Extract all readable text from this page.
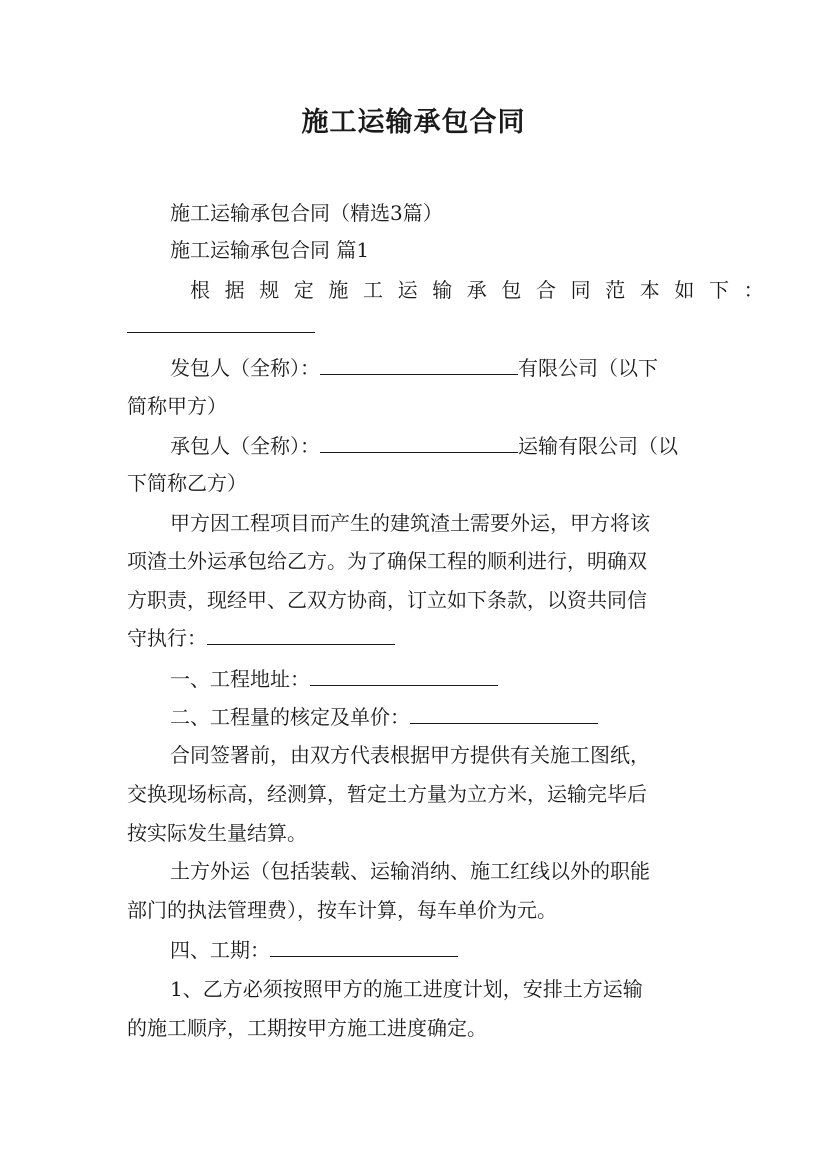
施工运输承包合同

施工运输承包合同（精选3篇）

施工运输承包合同 篇1

根据规定施工运输承包合同范本如下：

发包人（全称）：	有限公司（以下

简称甲方）

承包人（全称）：	运输有限公司（以

下简称乙方）

甲方因工程项目而产生的建筑渣土需要外运，甲方将该

项渣土外运承包给乙方。为了确保工程的顺利进行，明确双

方职责，现经甲、乙双方协商，订立如下条款，以资共同信

守执行：

一、工程地址：

二、工程量的核定及单价：

合同签署前，由双方代表根据甲方提供有关施工图纸，

交换现场标高，经测算，暂定土方量为立方米，运输完毕后

按实际发生量结算。

土方外运（包括装载、运输消纳、施工红线以外的职能

部门的执法管理费），按车计算，每车单价为元。

四、工期：

1、乙方必须按照甲方的施工进度计划，安排土方运输

的施工顺序，工期按甲方施工进度确定。
